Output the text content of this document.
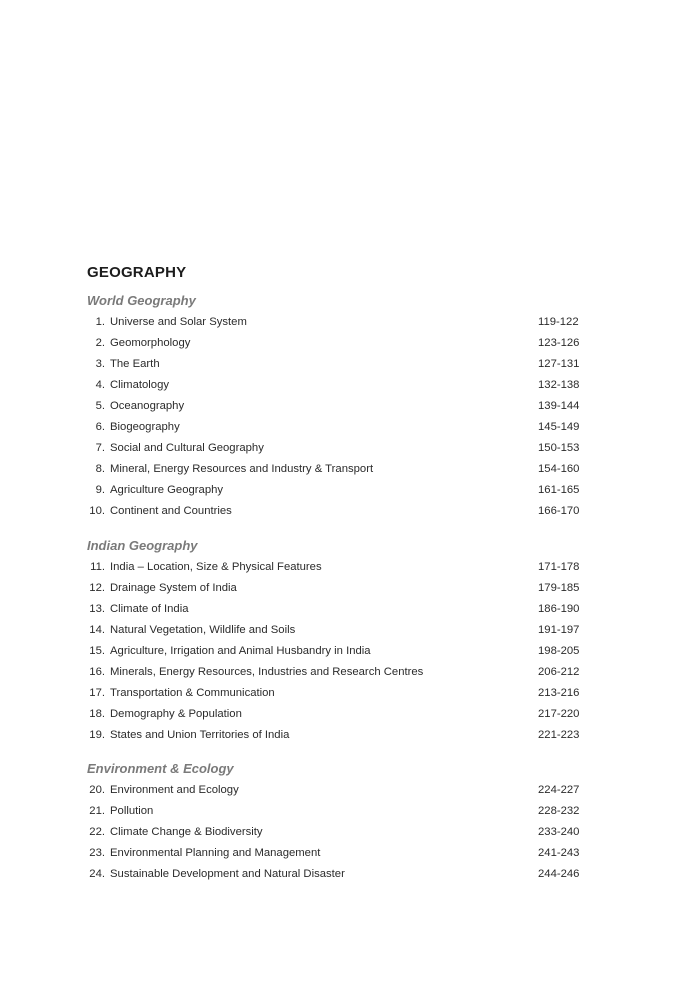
GEOGRAPHY
World Geography
1. Universe and Solar System	119-122
2. Geomorphology	123-126
3. The Earth	127-131
4. Climatology	132-138
5. Oceanography	139-144
6. Biogeography	145-149
7. Social and Cultural Geography	150-153
8. Mineral, Energy Resources and Industry & Transport	154-160
9. Agriculture Geography	161-165
10. Continent and Countries	166-170
Indian Geography
11. India – Location, Size & Physical Features	171-178
12. Drainage System of India	179-185
13. Climate of India	186-190
14. Natural Vegetation, Wildlife and Soils	191-197
15. Agriculture, Irrigation and Animal Husbandry in India	198-205
16. Minerals, Energy Resources, Industries and Research Centres	206-212
17. Transportation & Communication	213-216
18. Demography & Population	217-220
19. States and Union Territories of India	221-223
Environment & Ecology
20. Environment and Ecology	224-227
21. Pollution	228-232
22. Climate Change & Biodiversity	233-240
23. Environmental Planning and Management	241-243
24. Sustainable Development and Natural Disaster	244-246
